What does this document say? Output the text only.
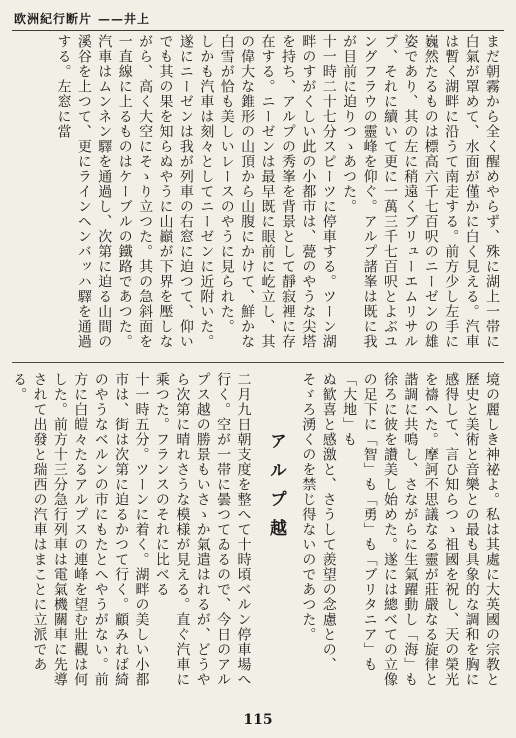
欧洲紀行断片 ——井上

まだ朝霧から全く醒めやらず、殊に湖上一帯に白氣が罩めて、水面が僅かに白く見える。汽車は暫く湖畔に沿うて南走する。前方少し左手に巍然たるものは標高六千七百呎のニーゼンの雄姿であり、其の左に稍遠くブリューエムリサルプ、それに續いて更に一萬三千七百呎とよぶユングフラウの靈峰を仰ぐ。アルプ諸峯は既に我が目前に迫りつゝあつた。

十一時二十七分スピーツに停車する。ツーン湖畔のすがくしい此の小都市は、甍のやうな尖塔を持ち、アルプの秀峯を背景として靜寂裡に存在する。ニーゼンは最早既に眼前に屹立し、其の偉大な錐形の山頂から山腹にかけて、鮮かな白雪が恰も美しいレースのやうに見られた。

しかも汽車は刻々としてニーゼンに近附いた。遂にニーゼンは我が列車の右窓に迫つて、仰いでも其の果を知らぬやうに山巓が下界を壓しながら、高く大空にそゝり立つた。其の急斜面を一直線に上るものはケーブルの鐵路であつた。

汽車はムンネン驛を通過し、次第に迫る山間の溪谷を上つて、更にラインヘンバッハ驛を通過する。左窓に當

境の麗しき神祕よ。私は其處に大英國の宗教と歷史と美術と音樂との最も具象的な調和を胸に感得して、言ひ知らつゝ祖國を祝し、天の榮光を禱へた。摩訶不思議なる靈が莊嚴なる旋律と諧調に共鳴し、さながらに生氣躍動し「海」も徐ろに彼を讚美し始めた。遂には總べての立像の足下に「智」も「勇」も「ブリタニア」も「大地」も

ぬ歓喜と感激と、さうして羨望の念慮との、そゞろ湧くのを禁じ得ないのであつた。

アルプ越

二月九日朝支度を整へて十時頃ベルン停車場へ行く。空が一帯に曇つてゐるので、今日のアルプス越の勝景もいさゝか氣遣はれるが、どうやら次第に晴れさうな模様が見える。直ぐ汽車に乘つた。フランスのそれに比べる

十一時五分。ツーンに着く。湖畔の美しい小都市は、街は次第に迫るかつて行く。顧みれば綺のやうなベルンの市にもたとへやうがない。前方に白皚々たるアルプスの連峰を望む壯觀は何した。前方十三分急行列車は電氣機關車に先導されて出發と瑞西の汽車はまことに立派である。

115
